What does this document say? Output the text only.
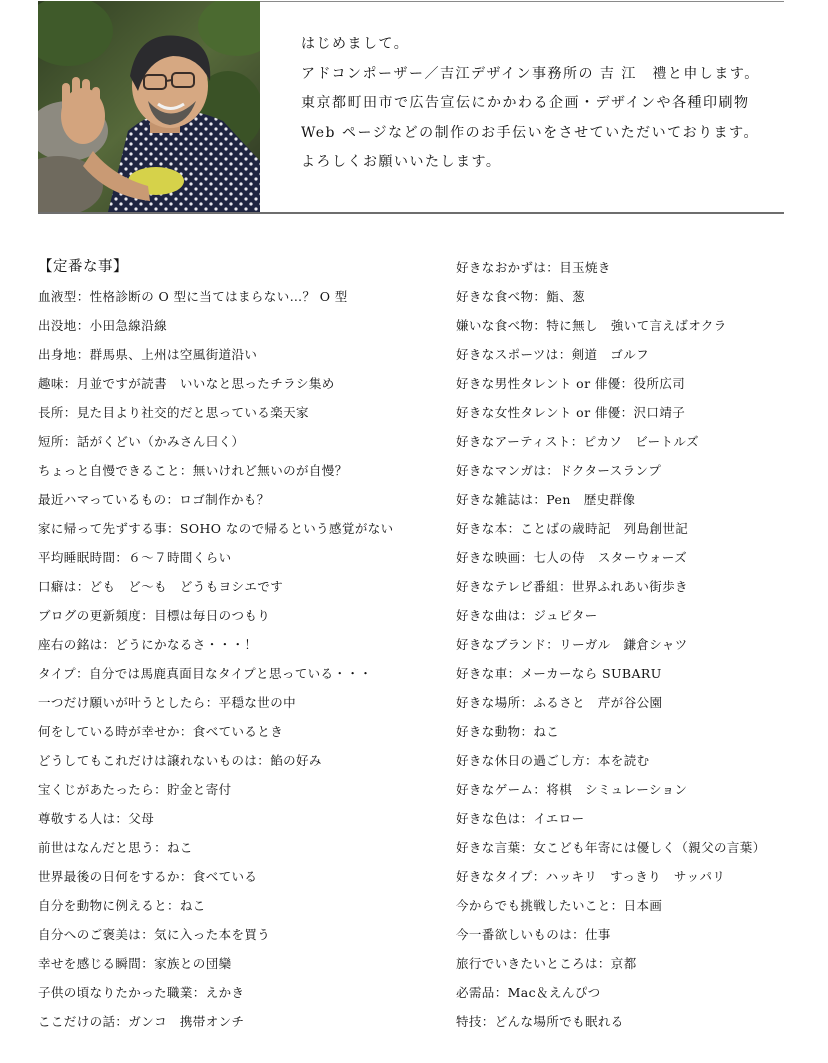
はじめまして。
アドコンポーザー／吉江デザイン事務所の 吉 江　禮と申します。
東京都町田市で広告宣伝にかかわる企画・デザインや各種印刷物
Web ページなどの制作のお手伝いをさせていただいております。
よろしくお願いいたします。
【定番な事】
血液型：性格診断の O 型に当てはまらない…？ O 型
出没地：小田急線沿線
出身地：群馬県、上州は空風街道沿い
趣味：月並ですが読書　いいなと思ったチラシ集め
長所：見た目より社交的だと思っている楽天家
短所：話がくどい（かみさん曰く）
ちょっと自慢できること：無いけれど無いのが自慢？
最近ハマっているもの：ロゴ制作かも？
家に帰って先ずする事：SOHO なので帰るという感覚がない
平均睡眠時間：６〜７時間くらい
口癖は：ども　ど〜も　どうもヨシエです
ブログの更新頻度：目標は毎日のつもり
座右の銘は：どうにかなるさ・・・！
タイプ：自分では馬鹿真面目なタイプと思っている・・・
一つだけ願いが叶うとしたら：平穏な世の中
何をしている時が幸せか：食べているとき
どうしてもこれだけは譲れないものは：餡の好み
宝くじがあたったら：貯金と寄付
尊敬する人は：父母
前世はなんだと思う：ねこ
世界最後の日何をするか：食べている
自分を動物に例えると：ねこ
自分へのご褒美は：気に入った本を買う
幸せを感じる瞬間：家族との団欒
子供の頃なりたかった職業：えかき
ここだけの話：ガンコ　携帯オンチ
好きなおかずは：目玉焼き
好きな食べ物：鮨、葱
嫌いな食べ物：特に無し　強いて言えばオクラ
好きなスポーツは：剣道　ゴルフ
好きな男性タレント or 俳優：役所広司
好きな女性タレント or 俳優：沢口靖子
好きなアーティスト：ピカソ　ビートルズ
好きなマンガは：ドクタースランプ
好きな雑誌は：Pen　歴史群像
好きな本：ことばの歳時記　列島創世記
好きな映画：七人の侍　スターウォーズ
好きなテレビ番組：世界ふれあい街歩き
好きな曲は：ジュピター
好きなブランド：リーガル　鎌倉シャツ
好きな車：メーカーなら SUBARU
好きな場所：ふるさと　芹が谷公園
好きな動物：ねこ
好きな休日の過ごし方：本を読む
好きなゲーム：将棋　シミュレーション
好きな色は：イエロー
好きな言葉：女こども年寄には優しく（親父の言葉）
好きなタイプ：ハッキリ　すっきり　サッパリ
今からでも挑戦したいこと：日本画
今一番欲しいものは：仕事
旅行でいきたいところは：京都
必需品：Mac＆えんぴつ
特技：どんな場所でも眠れる
